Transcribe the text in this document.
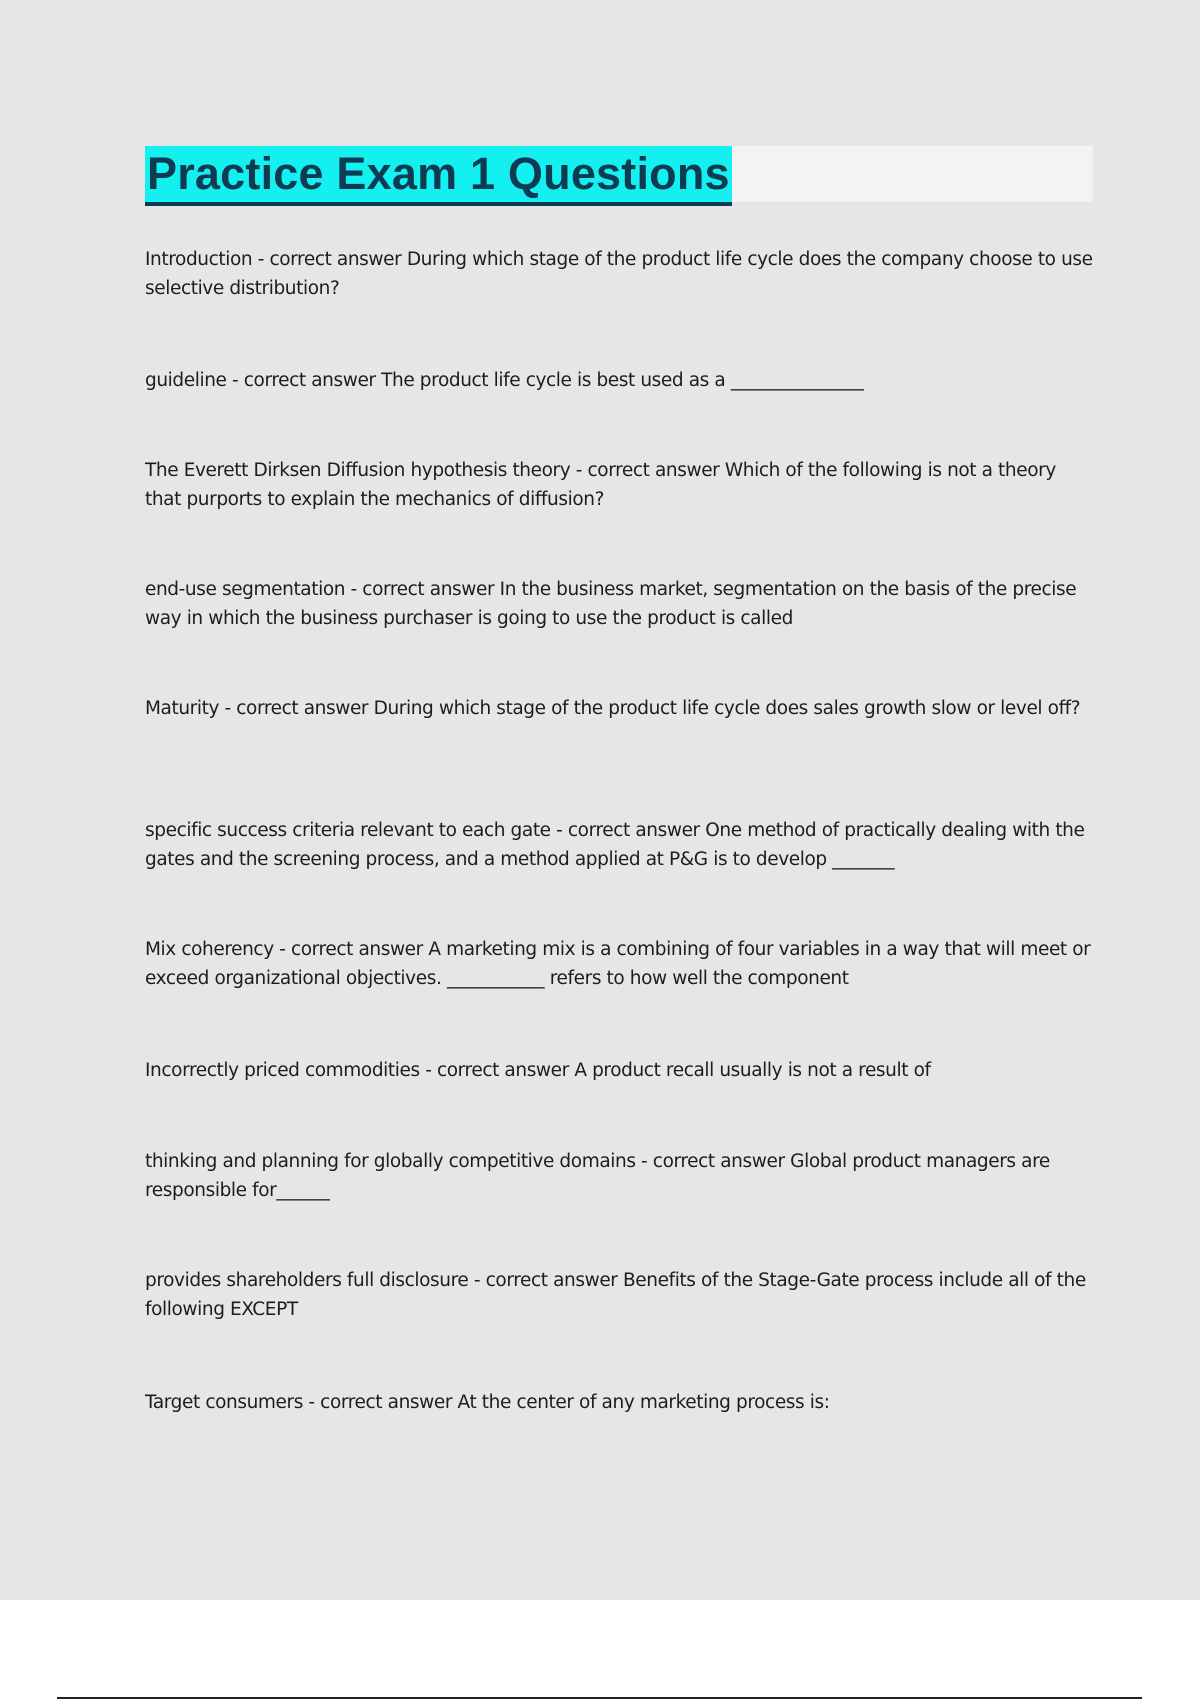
Practice Exam 1 Questions

Introduction - correct answer During which stage of the product life cycle does the company choose to use selective distribution?

guideline - correct answer The product life cycle is best used as a _______________

The Everett Dirksen Diffusion hypothesis theory - correct answer Which of the following is not a theory that purports to explain the mechanics of diffusion?

end-use segmentation - correct answer In the business market, segmentation on the basis of the precise way in which the business purchaser is going to use the product is called

Maturity - correct answer During which stage of the product life cycle does sales growth slow or level off?

specific success criteria relevant to each gate - correct answer One method of practically dealing with the gates and the screening process, and a method applied at P&G is to develop _______

Mix coherency - correct answer A marketing mix is a combining of four variables in a way that will meet or exceed organizational objectives. ___________ refers to how well the component

Incorrectly priced commodities - correct answer A product recall usually is not a result of

thinking and planning for globally competitive domains - correct answer Global product managers are responsible for______

provides shareholders full disclosure - correct answer Benefits of the Stage-Gate process include all of the following EXCEPT

Target consumers - correct answer At the center of any marketing process is:
